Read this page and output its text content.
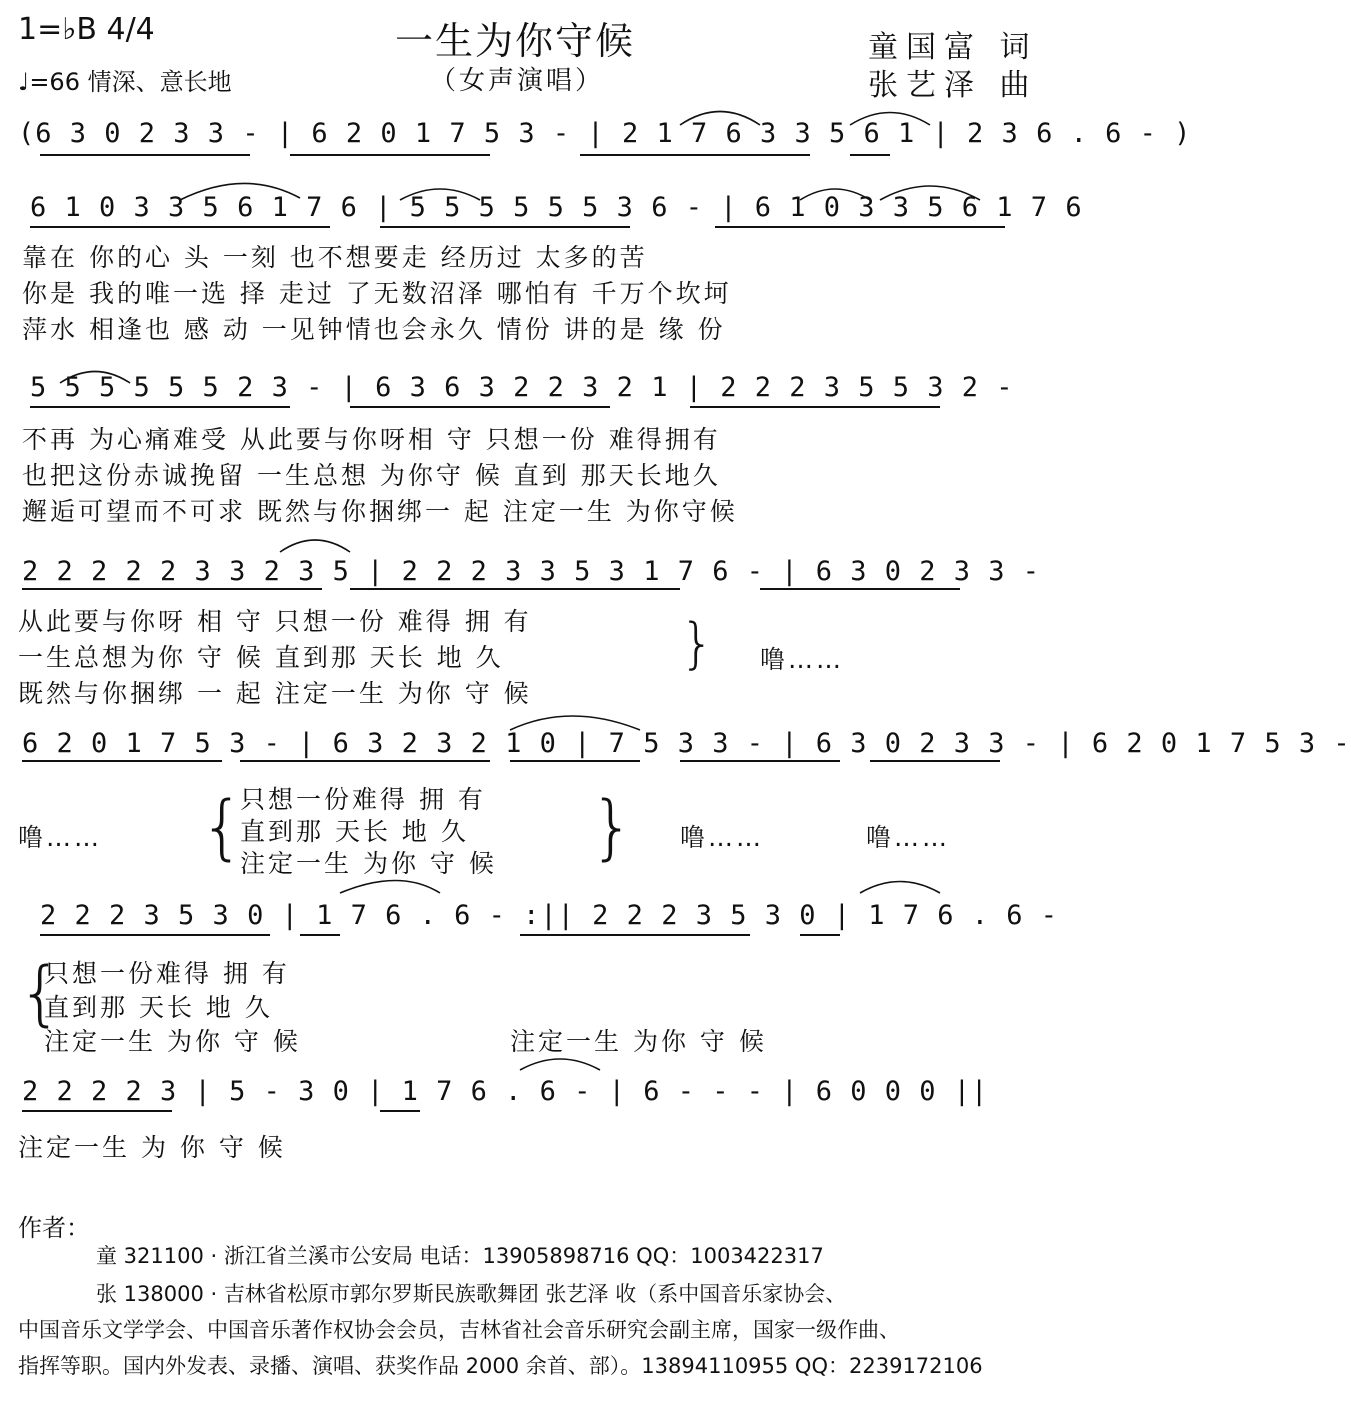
1=♭B 4/4
♩=66 情深、意长地
一生为你守候
（女声演唱）
童国富 词
张艺泽 曲
(6 3 0 2 3 3 - | 6 2 0 1 7 5 3 - | 2 1 7 6 3 3 5 6 1 | 2 3 6 . 6 - )
6 1 0 3 3 5 6 1 7 6 | 5 5 5 5 5 5 3 6 - | 6 1 0 3 3 5 6 1 7 6
靠在 你的心 头 一刻 也不想要走 经历过 太多的苦
你是 我的唯一选 择 走过 了无数沼泽 哪怕有 千万个坎坷
萍水 相逢也 感 动 一见钟情也会永久 情份 讲的是 缘 份
5 5 5 5 5 5 2 3 - | 6 3 6 3 2 2 3 2 1 | 2 2 2 3 5 5 3 2 -
不再 为心痛难受 从此要与你呀相 守 只想一份 难得拥有
也把这份赤诚挽留 一生总想 为你守 候 直到 那天长地久
邂逅可望而不可求 既然与你捆绑一 起 注定一生 为你守候
2 2 2 2 2 3 3 2 3 5 | 2 2 2 3 3 5 3 1 7 6 - | 6 3 0 2 3 3 -
从此要与你呀 相 守 只想一份 难得 拥 有
一生总想为你 守 候 直到那 天长 地 久
既然与你捆绑 一 起 注定一生 为你 守 候
} 噜……
6 2 0 1 7 5 3 - | 6 3 2 3 2 1 0 | 7 5 3 3 - | 6 3 0 2 3 3 - | 6 2 0 1 7 5 3 -
噜…… {
只想一份难得 拥 有
直到那 天长 地 久
注定一生 为你 守 候 } 噜……	噜……
2 2 2 3 5 3 0 | 1 7 6 . 6 - :|| 2 2 2 3 5 3 0 | 1 7 6 . 6 -
{
只想一份难得 拥 有
直到那 天长 地 久
注定一生 为你 守 候	注定一生 为你 守 候
2 2 2 2 3 | 5 - 3 0 | 1 7 6 . 6 - | 6 - - - | 6 0 0 0 ||
注定一生 为 你 守 候
作者：
童 321100 · 浙江省兰溪市公安局 电话：13905898716 QQ：1003422317
张 138000 · 吉林省松原市郭尔罗斯民族歌舞团 张艺泽 收（系中国音乐家协会、
中国音乐文学学会、中国音乐著作权协会会员，吉林省社会音乐研究会副主席，国家一级作曲、
指挥等职。国内外发表、录播、演唱、获奖作品 2000 余首、部）。13894110955 QQ：2239172106
